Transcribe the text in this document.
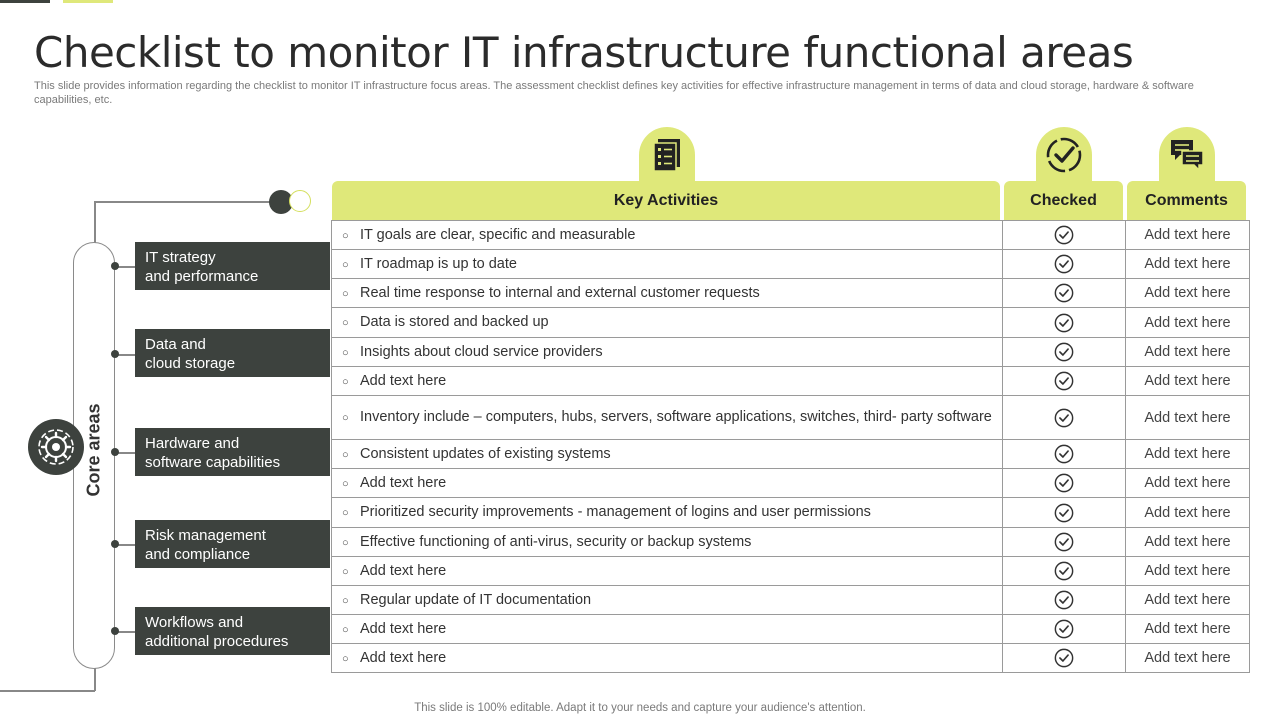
Checklist to monitor IT infrastructure functional areas

This slide provides information regarding the checklist to monitor IT infrastructure focus areas. The assessment checklist defines key activities for effective infrastructure management in terms of data and cloud storage, hardware & software capabilities, etc.

Core areas
IT strategy
and performance
Data and
cloud storage
Hardware and
software capabilities
Risk management
and compliance
Workflows and
additional procedures
Key Activities	Checked	Comments
○ IT goals are clear, specific and measurable		Add text here

○ IT roadmap is up to date		Add text here

○ Real time response to internal and external customer requests		Add text here

○ Data is stored and backed up		Add text here

○ Insights about cloud service providers		Add text here

○ Add text here		Add text here

○ Inventory include – computers, hubs, servers, software applications, switches, third- party software		Add text here

○ Consistent updates of existing systems		Add text here

○ Add text here		Add text here

○ Prioritized security improvements - management of logins and user permissions		Add text here

○ Effective functioning of anti-virus, security or backup systems		Add text here

○ Add text here		Add text here

○ Regular update of IT documentation		Add text here

○ Add text here		Add text here

○ Add text here		Add text here
This slide is 100% editable. Adapt it to your needs and capture your audience's attention.
